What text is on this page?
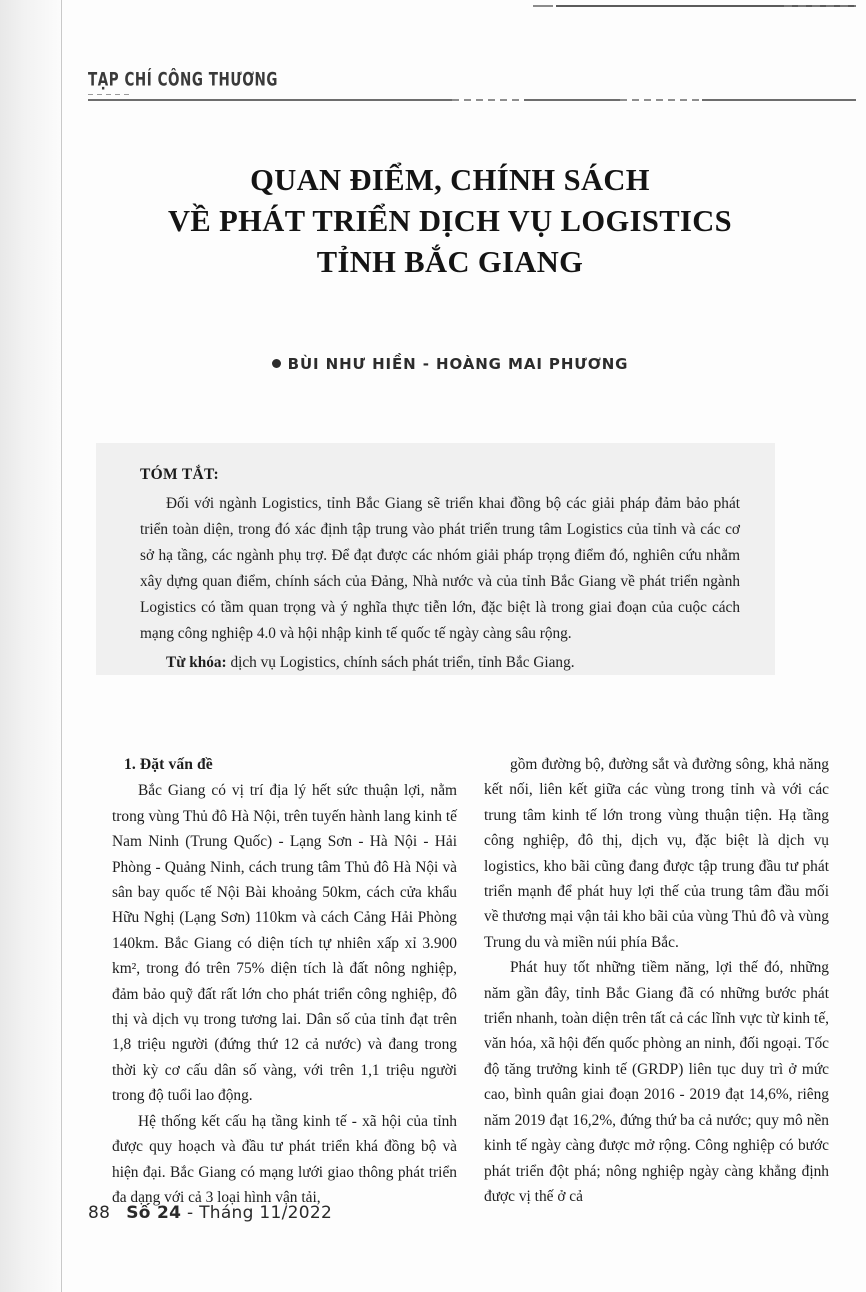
TẠP CHÍ CÔNG THƯƠNG
QUAN ĐIỂM, CHÍNH SÁCH
VỀ PHÁT TRIỂN DỊCH VỤ LOGISTICS
TỈNH BẮC GIANG
BÙI NHƯ HIỀN - HOÀNG MAI PHƯƠNG
TÓM TẮT:
Đối với ngành Logistics, tỉnh Bắc Giang sẽ triển khai đồng bộ các giải pháp đảm bảo phát triển toàn diện, trong đó xác định tập trung vào phát triển trung tâm Logistics của tỉnh và các cơ sở hạ tầng, các ngành phụ trợ. Để đạt được các nhóm giải pháp trọng điểm đó, nghiên cứu nhằm xây dựng quan điểm, chính sách của Đảng, Nhà nước và của tỉnh Bắc Giang về phát triển ngành Logistics có tầm quan trọng và ý nghĩa thực tiễn lớn, đặc biệt là trong giai đoạn của cuộc cách mạng công nghiệp 4.0 và hội nhập kinh tế quốc tế ngày càng sâu rộng.
Từ khóa: dịch vụ Logistics, chính sách phát triển, tỉnh Bắc Giang.

1. Đặt vấn đề

Bắc Giang có vị trí địa lý hết sức thuận lợi, nằm trong vùng Thủ đô Hà Nội, trên tuyến hành lang kinh tế Nam Ninh (Trung Quốc) - Lạng Sơn - Hà Nội - Hải Phòng - Quảng Ninh, cách trung tâm Thủ đô Hà Nội và sân bay quốc tế Nội Bài khoảng 50km, cách cửa khẩu Hữu Nghị (Lạng Sơn) 110km và cách Cảng Hải Phòng 140km. Bắc Giang có diện tích tự nhiên xấp xỉ 3.900 km², trong đó trên 75% diện tích là đất nông nghiệp, đảm bảo quỹ đất rất lớn cho phát triển công nghiệp, đô thị và dịch vụ trong tương lai. Dân số của tỉnh đạt trên 1,8 triệu người (đứng thứ 12 cả nước) và đang trong thời kỳ cơ cấu dân số vàng, với trên 1,1 triệu người trong độ tuổi lao động.

Hệ thống kết cấu hạ tầng kinh tế - xã hội của tỉnh được quy hoạch và đầu tư phát triển khá đồng bộ và hiện đại. Bắc Giang có mạng lưới giao thông phát triển đa dạng với cả 3 loại hình vận tải,

gồm đường bộ, đường sắt và đường sông, khả năng kết nối, liên kết giữa các vùng trong tỉnh và với các trung tâm kinh tế lớn trong vùng thuận tiện. Hạ tầng công nghiệp, đô thị, dịch vụ, đặc biệt là dịch vụ logistics, kho bãi cũng đang được tập trung đầu tư phát triển mạnh để phát huy lợi thế của trung tâm đầu mối về thương mại vận tải kho bãi của vùng Thủ đô và vùng Trung du và miền núi phía Bắc.

Phát huy tốt những tiềm năng, lợi thế đó, những năm gần đây, tỉnh Bắc Giang đã có những bước phát triển nhanh, toàn diện trên tất cả các lĩnh vực từ kinh tế, văn hóa, xã hội đến quốc phòng an ninh, đối ngoại. Tốc độ tăng trưởng kinh tế (GRDP) liên tục duy trì ở mức cao, bình quân giai đoạn 2016 - 2019 đạt 14,6%, riêng năm 2019 đạt 16,2%, đứng thứ ba cả nước; quy mô nền kinh tế ngày càng được mở rộng. Công nghiệp có bước phát triển đột phá; nông nghiệp ngày càng khẳng định được vị thế ở cả

88 Số 24 - Tháng 11/2022
